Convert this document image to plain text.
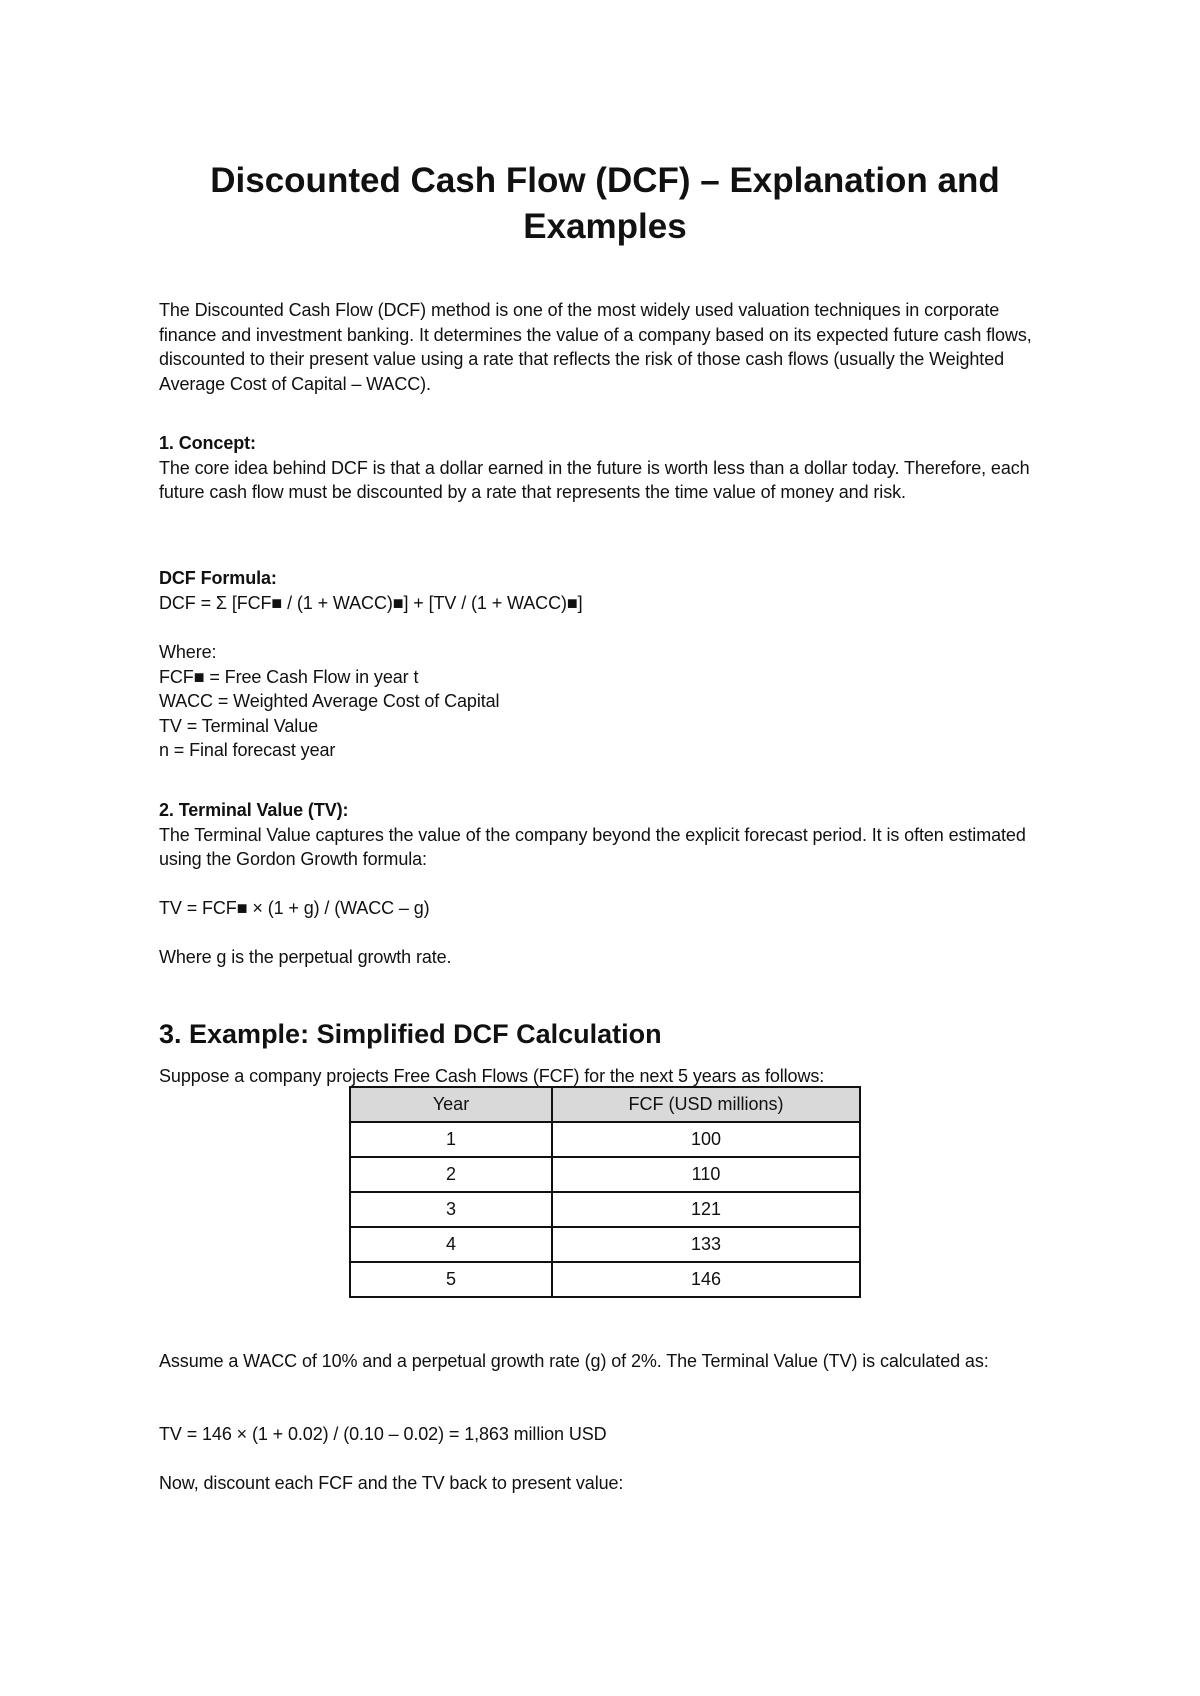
Discounted Cash Flow (DCF) – Explanation and Examples

The Discounted Cash Flow (DCF) method is one of the most widely used valuation techniques in corporate finance and investment banking. It determines the value of a company based on its expected future cash flows, discounted to their present value using a rate that reflects the risk of those cash flows (usually the Weighted Average Cost of Capital – WACC).

1. Concept:

The core idea behind DCF is that a dollar earned in the future is worth less than a dollar today. Therefore, each future cash flow must be discounted by a rate that represents the time value of money and risk.

DCF Formula:

DCF = Σ [FCF■ / (1 + WACC)■] + [TV / (1 + WACC)■]

Where:

FCF■ = Free Cash Flow in year t

WACC = Weighted Average Cost of Capital

TV = Terminal Value

n = Final forecast year

2. Terminal Value (TV):

The Terminal Value captures the value of the company beyond the explicit forecast period. It is often estimated using the Gordon Growth formula:

TV = FCF■ × (1 + g) / (WACC – g)

Where g is the perpetual growth rate.

3. Example: Simplified DCF Calculation

Suppose a company projects Free Cash Flows (FCF) for the next 5 years as follows:

Year	FCF (USD millions)
1	100
2	110
3	121
4	133
5	146

Assume a WACC of 10% and a perpetual growth rate (g) of 2%. The Terminal Value (TV) is calculated as:

TV = 146 × (1 + 0.02) / (0.10 – 0.02) = 1,863 million USD

Now, discount each FCF and the TV back to present value:
